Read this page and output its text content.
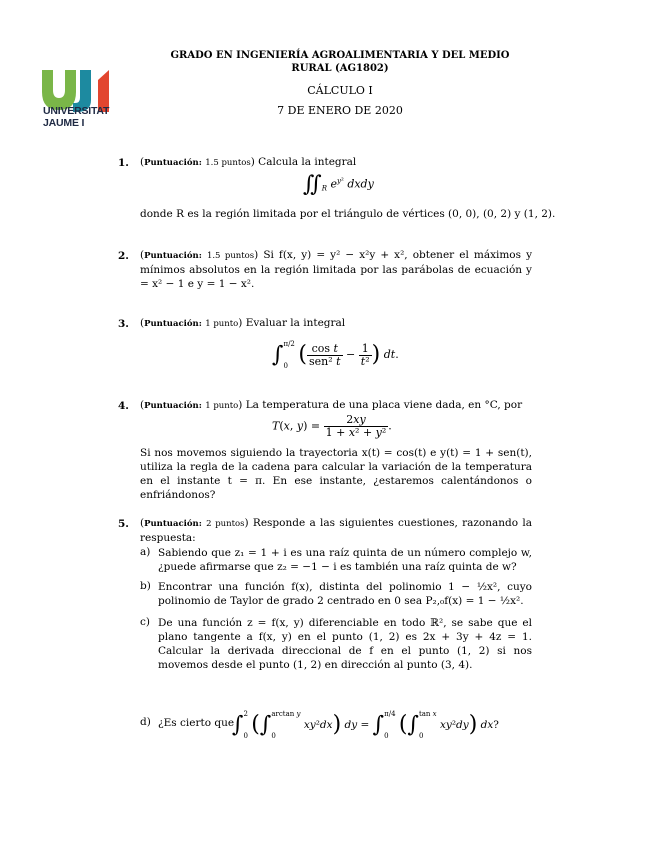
UNIVERSITAT
JAUME I
GRADO EN INGENIERÍA AGROALIMENTARIA Y DEL MEDIO
RURAL (AG1802)
CÁLCULO I
7 DE ENERO DE 2020
1. (Puntuación: 1.5 puntos) Calcula la integral
$∬_R$ $e^{y^2}$ dxdy
donde R es la región limitada por el triángulo de vértices (0, 0), (0, 2) y (1, 2).
2. (Puntuación: 1.5 puntos) Si f(x, y) = y² − x²y + x², obtener el máximos y mínimos absolutos en la región limitada por las parábolas de ecuación y = x² − 1 e y = 1 − x².
3. (Puntuación: 1 punto) Evaluar la integral
∫ π/2
0 ( $\frac{\text{cos t}}{\text{sen² t}} - \frac{1}{\text{t²}}$ ) dt.
4. (Puntuación: 1 punto) La temperatura de una placa viene dada, en °C, por
T(x, $y) = \frac{2xy}{\text{1 + x² + y²}}$ .
Si nos movemos siguiendo la trayectoria x(t) = cos(t) e y(t) = 1 + sen(t), utiliza la regla de la cadena para calcular la variación de la temperatura en el instante t = π. En ese instante, ¿estaremos calentándonos o enfriándonos?
5. (Puntuación: 2 puntos) Responde a las siguientes cuestiones, razonando la respuesta:
a) Sabiendo que z₁ = 1 + i es una raíz quinta de un número complejo w, ¿puede afirmarse que z₂ = −1 − i es también una raíz quinta de w?
b) Encontrar una función f(x), distinta del polinomio 1 − ½x², cuyo polinomio de Taylor de grado 2 centrado en 0 sea P₂,₀f(x) = 1 − ½x².
c) De una función z = f(x, y) diferenciable en todo ℝ², se sabe que el plano tangente a f(x, y) en el punto (1, 2) es 2x + 3y + 4z = 1. Calcular la derivada direccional de f en el punto (1, 2) si nos movemos desde el punto (1, 2) en dirección al punto (3, 4).
d) ¿Es cierto que
∫ 2
0 (∫ arctan y
0
xy²dx) dy = ∫ π/4
0 (∫ tan x
0
xy²dy) dx?
